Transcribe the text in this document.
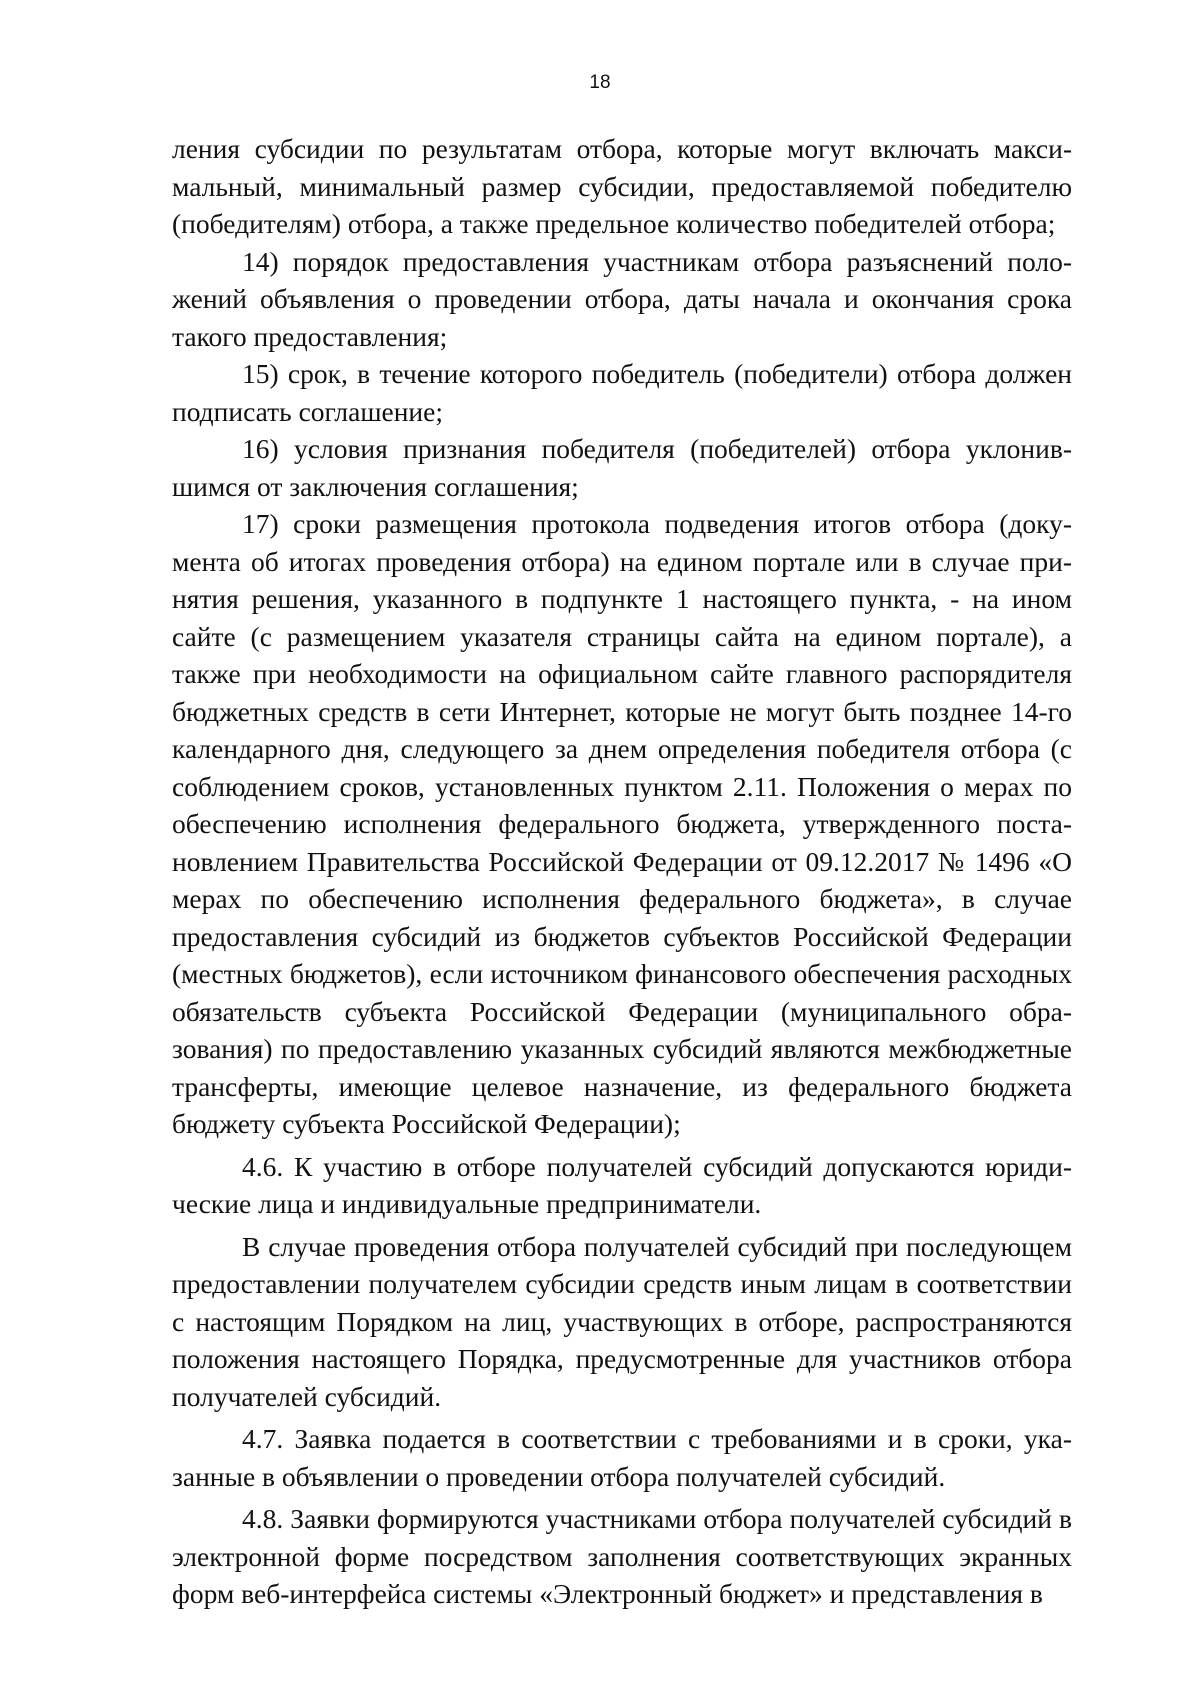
18

ления субсидии по результатам отбора, которые могут включать максимальный, минимальный размер субсидии, предоставляемой победителю (победителям) отбора, а также предельное количество победителей отбора;

14) порядок предоставления участникам отбора разъяснений положений объявления о проведении отбора, даты начала и окончания срока такого предоставления;

15) срок, в течение которого победитель (победители) отбора должен подписать соглашение;

16) условия признания победителя (победителей) отбора уклонившимся от заключения соглашения;

17) сроки размещения протокола подведения итогов отбора (документа об итогах проведения отбора) на едином портале или в случае принятия решения, указанного в подпункте 1 настоящего пункта, - на ином сайте (с размещением указателя страницы сайта на едином портале), а также при необходимости на официальном сайте главного распорядителя бюджетных средств в сети Интернет, которые не могут быть позднее 14-го календарного дня, следующего за днем определения победителя отбора (с соблюдением сроков, установленных пунктом 2.11. Положения о мерах по обеспечению исполнения федерального бюджета, утвержденного постановлением Правительства Российской Федерации от 09.12.2017 № 1496 «О мерах по обеспечению исполнения федерального бюджета», в случае предоставления субсидий из бюджетов субъектов Российской Федерации (местных бюджетов), если источником финансового обеспечения расходных обязательств субъекта Российской Федерации (муниципального образования) по предоставлению указанных субсидий являются межбюджетные трансферты, имеющие целевое назначение, из федерального бюджета бюджету субъекта Российской Федерации);

4.6. К участию в отборе получателей субсидий допускаются юридические лица и индивидуальные предприниматели.

В случае проведения отбора получателей субсидий при последующем предоставлении получателем субсидии средств иным лицам в соответствии с настоящим Порядком на лиц, участвующих в отборе, распространяются положения настоящего Порядка, предусмотренные для участников отбора получателей субсидий.

4.7. Заявка подается в соответствии с требованиями и в сроки, указанные в объявлении о проведении отбора получателей субсидий.

4.8. Заявки формируются участниками отбора получателей субсидий в электронной форме посредством заполнения соответствующих экранных форм веб-интерфейса системы «Электронный бюджет» и представления в
